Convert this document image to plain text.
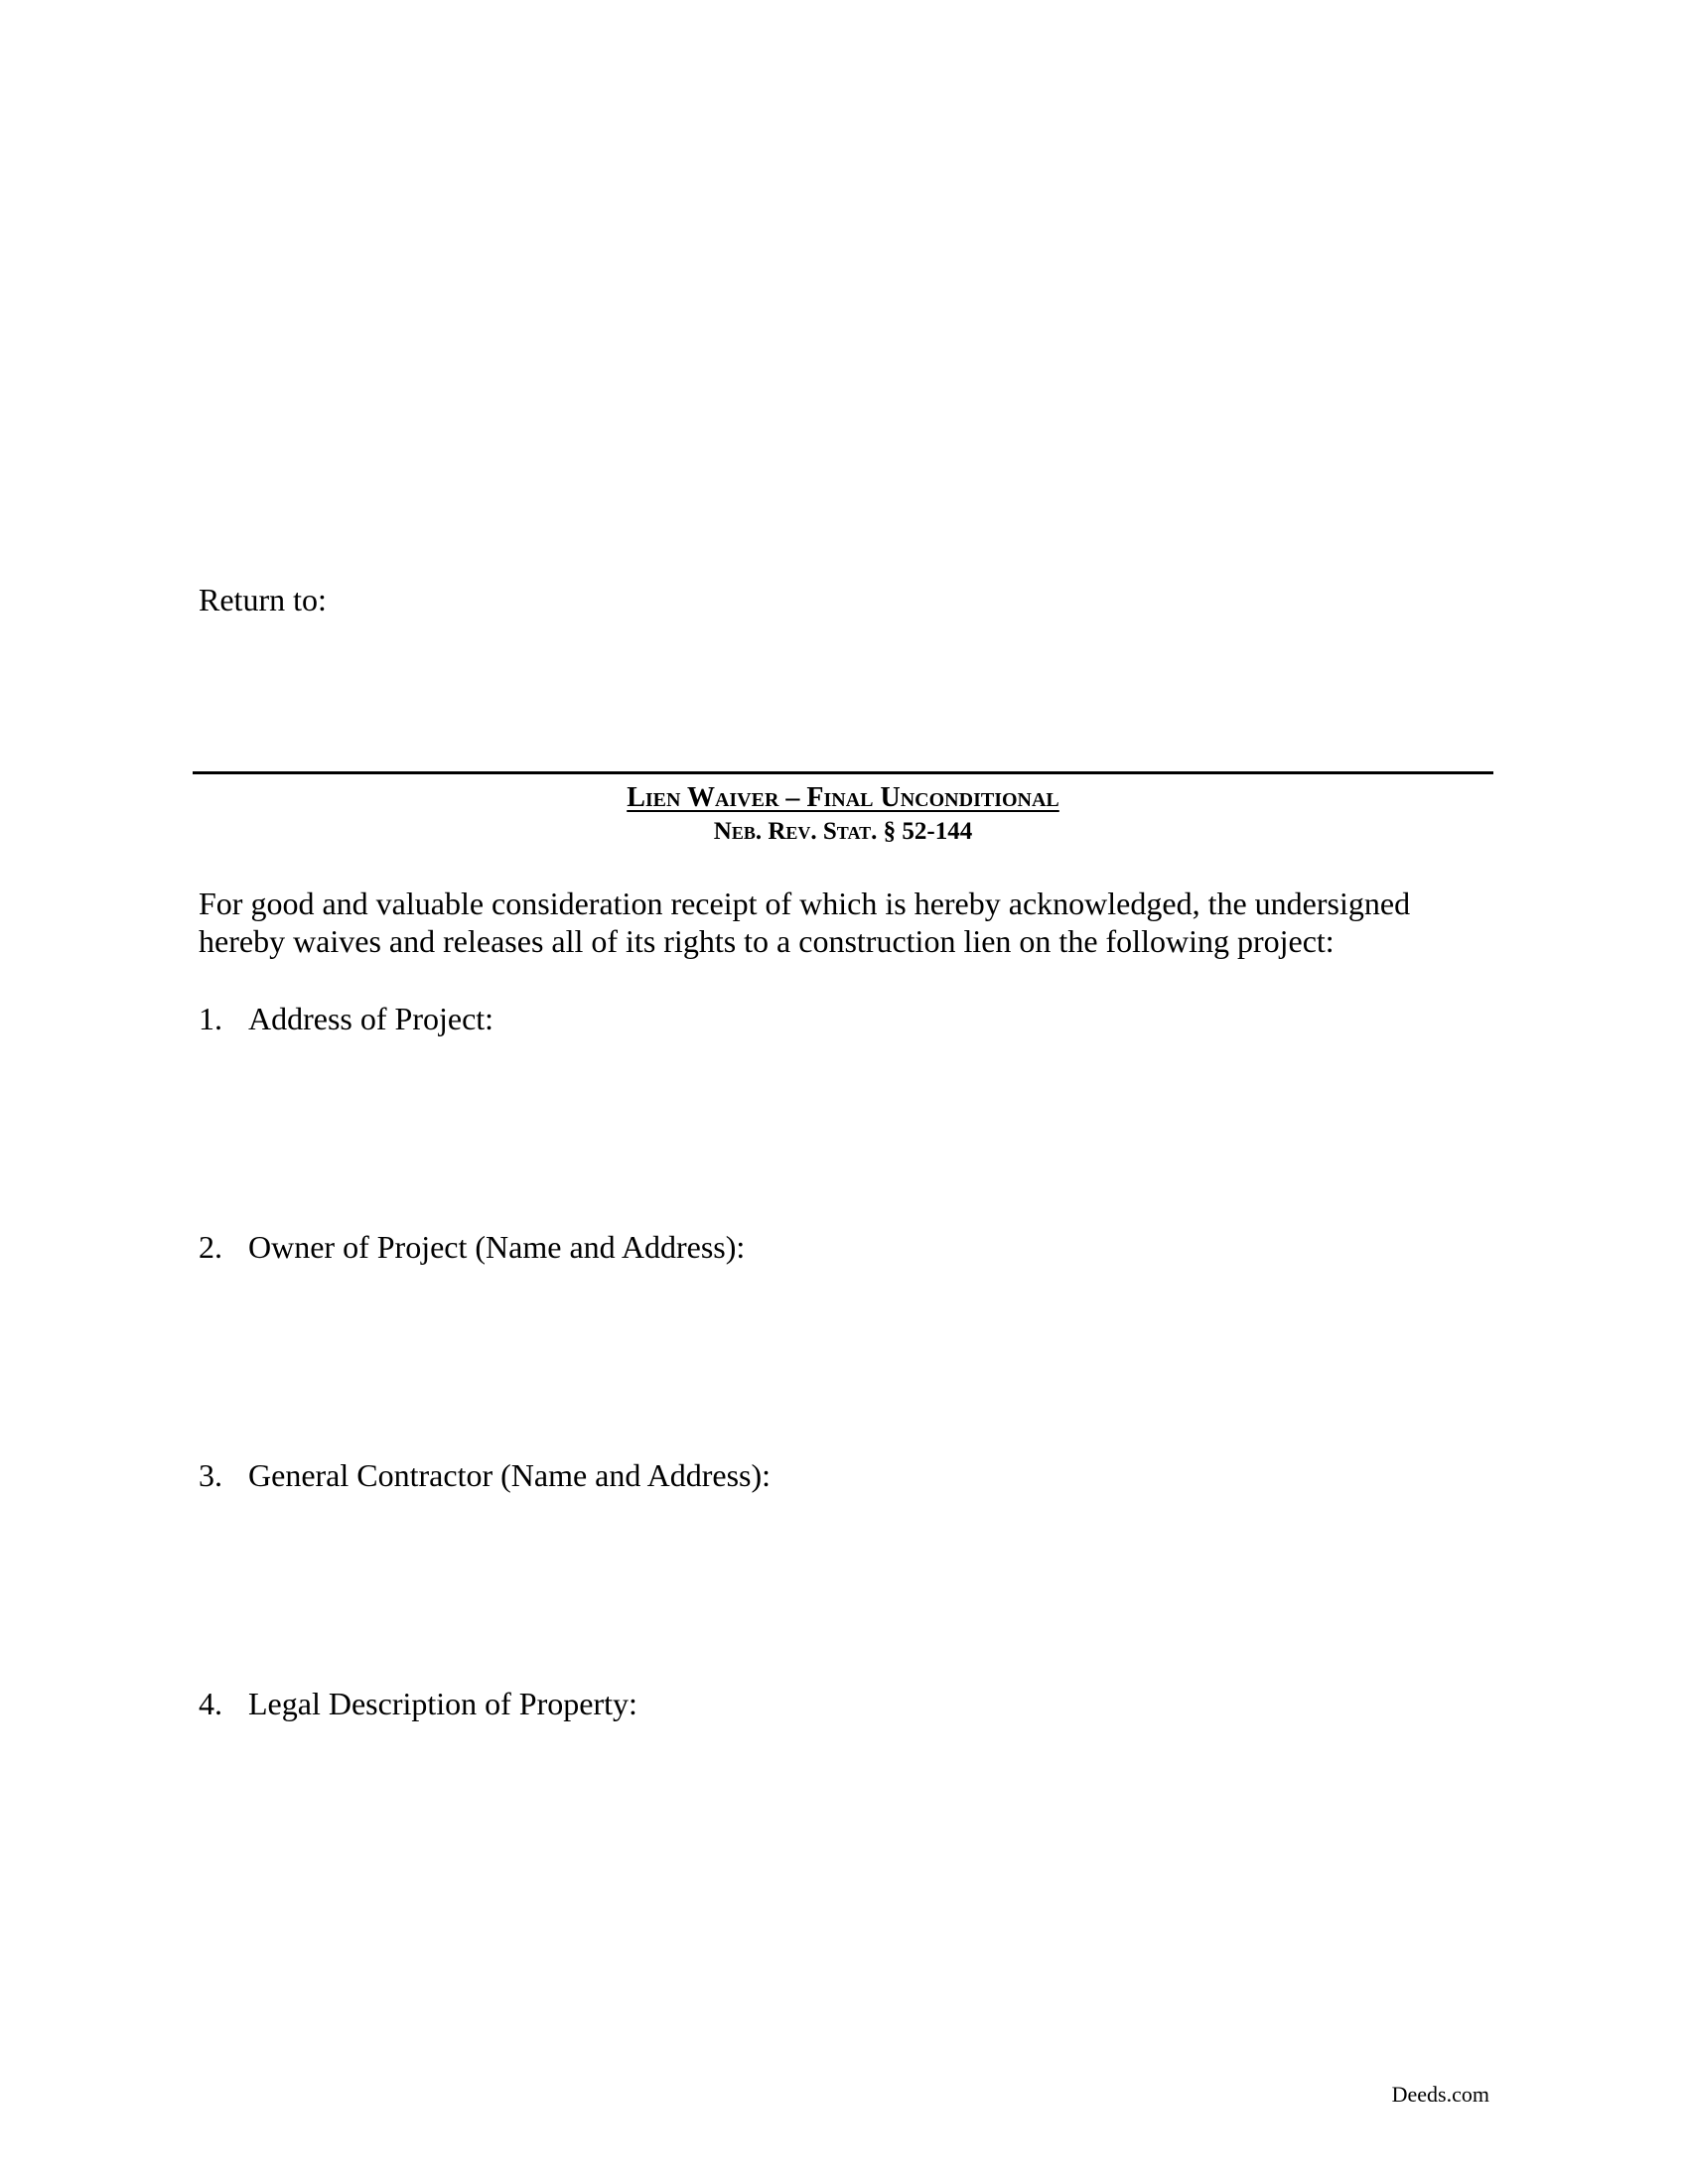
Return to:
Lien Waiver – Final Unconditional
Neb. Rev. Stat. § 52-144

For good and valuable consideration receipt of which is hereby acknowledged, the undersigned hereby waives and releases all of its rights to a construction lien on the following project:

1. Address of Project:
2. Owner of Project (Name and Address):
3. General Contractor (Name and Address):
4. Legal Description of Property:
Deeds.com
